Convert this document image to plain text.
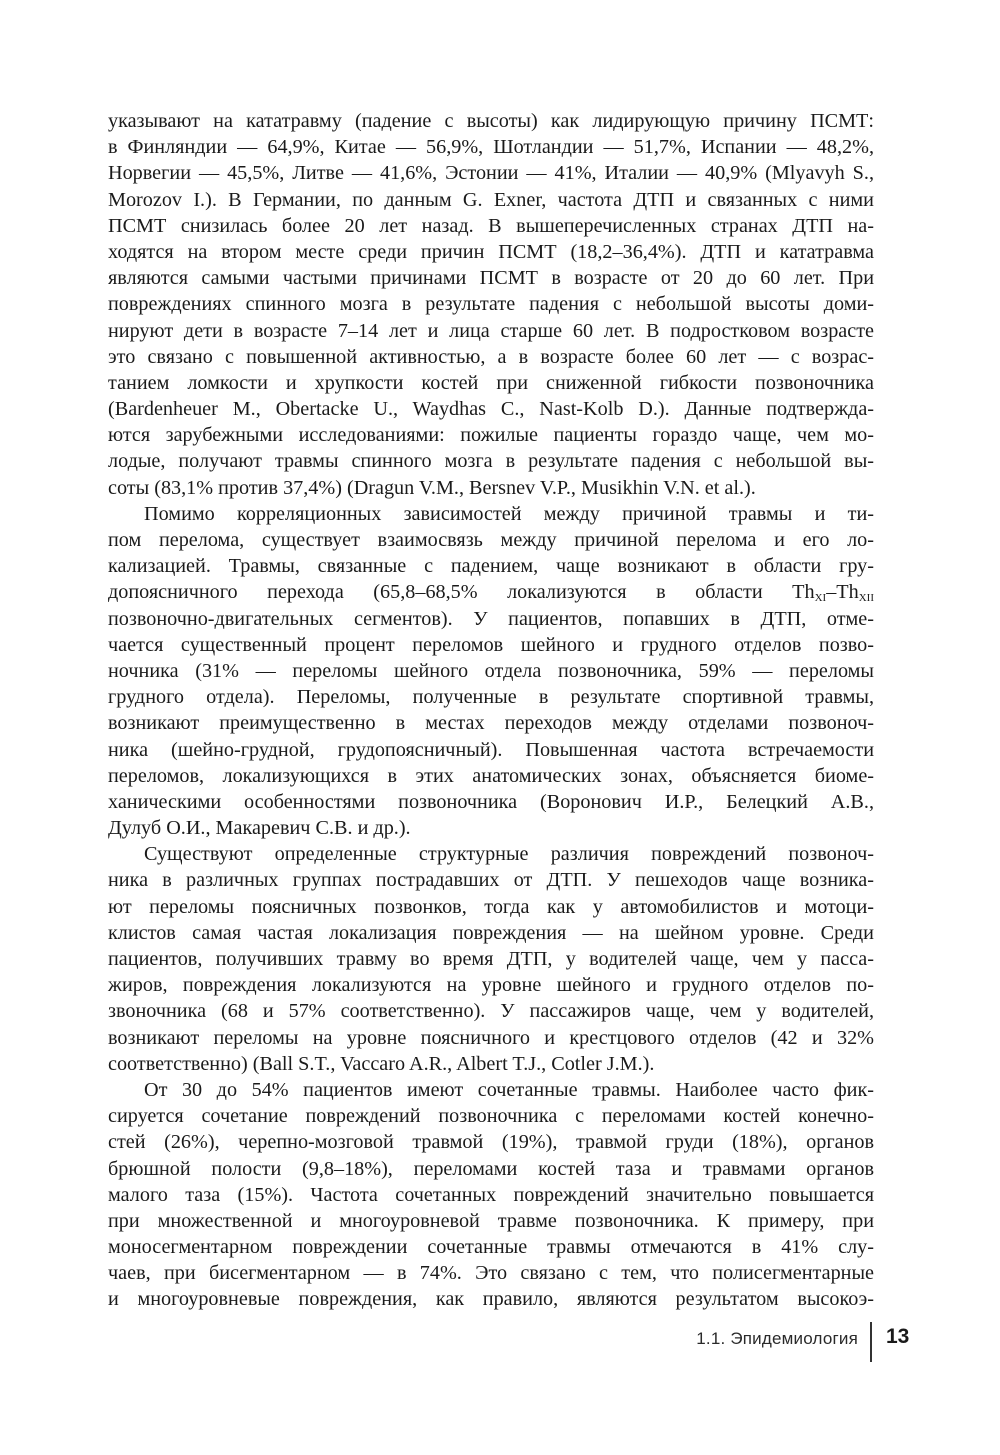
указывают на кататравму (падение с высоты) как лидирующую причину ПСМТ:
в Финляндии — 64,9%, Китае — 56,9%, Шотландии — 51,7%, Испании — 48,2%,
Норвегии — 45,5%, Литве — 41,6%, Эстонии — 41%, Италии — 40,9% (Mlyavyh S.,
Morozov I.). В Германии, по данным G. Exner, частота ДТП и связанных с ними
ПСМТ снизилась более 20 лет назад. В вышеперечисленных странах ДТП на-
ходятся на втором месте среди причин ПСМТ (18,2–36,4%). ДТП и кататравма
являются самыми частыми причинами ПСМТ в возрасте от 20 до 60 лет. При
повреждениях спинного мозга в результате падения с небольшой высоты доми-
нируют дети в возрасте 7–14 лет и лица старше 60 лет. В подростковом возрасте
это связано с повышенной активностью, а в возрасте более 60 лет — с возрас-
танием ломкости и хрупкости костей при сниженной гибкости позвоночника
(Bardenheuer M., Obertacke U., Waydhas C., Nast-Kolb D.). Данные подтвержда-
ются зарубежными исследованиями: пожилые пациенты гораздо чаще, чем мо-
лодые, получают травмы спинного мозга в результате падения с небольшой вы-
соты (83,1% против 37,4%) (Dragun V.M., Bersnev V.P., Musikhin V.N. et al.).
Помимо корреляционных зависимостей между причиной травмы и ти-
пом перелома, существует взаимосвязь между причиной перелома и его ло-
кализацией. Травмы, связанные с падением, чаще возникают в области гру-
допоясничного перехода (65,8–68,5% локализуются в области $Th_{XI}-Th_{XII}$
позвоночно-двигательных сегментов). У пациентов, попавших в ДТП, отме-
чается существенный процент переломов шейного и грудного отделов позво-
ночника (31% — переломы шейного отдела позвоночника, 59% — переломы
грудного отдела). Переломы, полученные в результате спортивной травмы,
возникают преимущественно в местах переходов между отделами позвоноч-
ника (шейно-грудной, грудопоясничный). Повышенная частота встречаемости
переломов, локализующихся в этих анатомических зонах, объясняется биоме-
ханическими особенностями позвоночника (Воронович И.Р., Белецкий А.В.,
Дулуб О.И., Макаревич С.В. и др.).
Существуют определенные структурные различия повреждений позвоноч-
ника в различных группах пострадавших от ДТП. У пешеходов чаще возника-
ют переломы поясничных позвонков, тогда как у автомобилистов и мотоци-
клистов самая частая локализация повреждения — на шейном уровне. Среди
пациентов, получивших травму во время ДТП, у водителей чаще, чем у пасса-
жиров, повреждения локализуются на уровне шейного и грудного отделов по-
звоночника (68 и 57% соответственно). У пассажиров чаще, чем у водителей,
возникают переломы на уровне поясничного и крестцового отделов (42 и 32%
соответственно) (Ball S.T., Vaccaro A.R., Albert T.J., Cotler J.M.).
От 30 до 54% пациентов имеют сочетанные травмы. Наиболее часто фик-
сируется сочетание повреждений позвоночника с переломами костей конечно-
стей (26%), черепно-мозговой травмой (19%), травмой груди (18%), органов
брюшной полости (9,8–18%), переломами костей таза и травмами органов
малого таза (15%). Частота сочетанных повреждений значительно повышается
при множественной и многоуровневой травме позвоночника. К примеру, при
моносегментарном повреждении сочетанные травмы отмечаются в 41% слу-
чаев, при бисегментарном — в 74%. Это связано с тем, что полисегментарные
и многоуровневые повреждения, как правило, являются результатом высокоэ-
1.1. Эпидемиология 13
